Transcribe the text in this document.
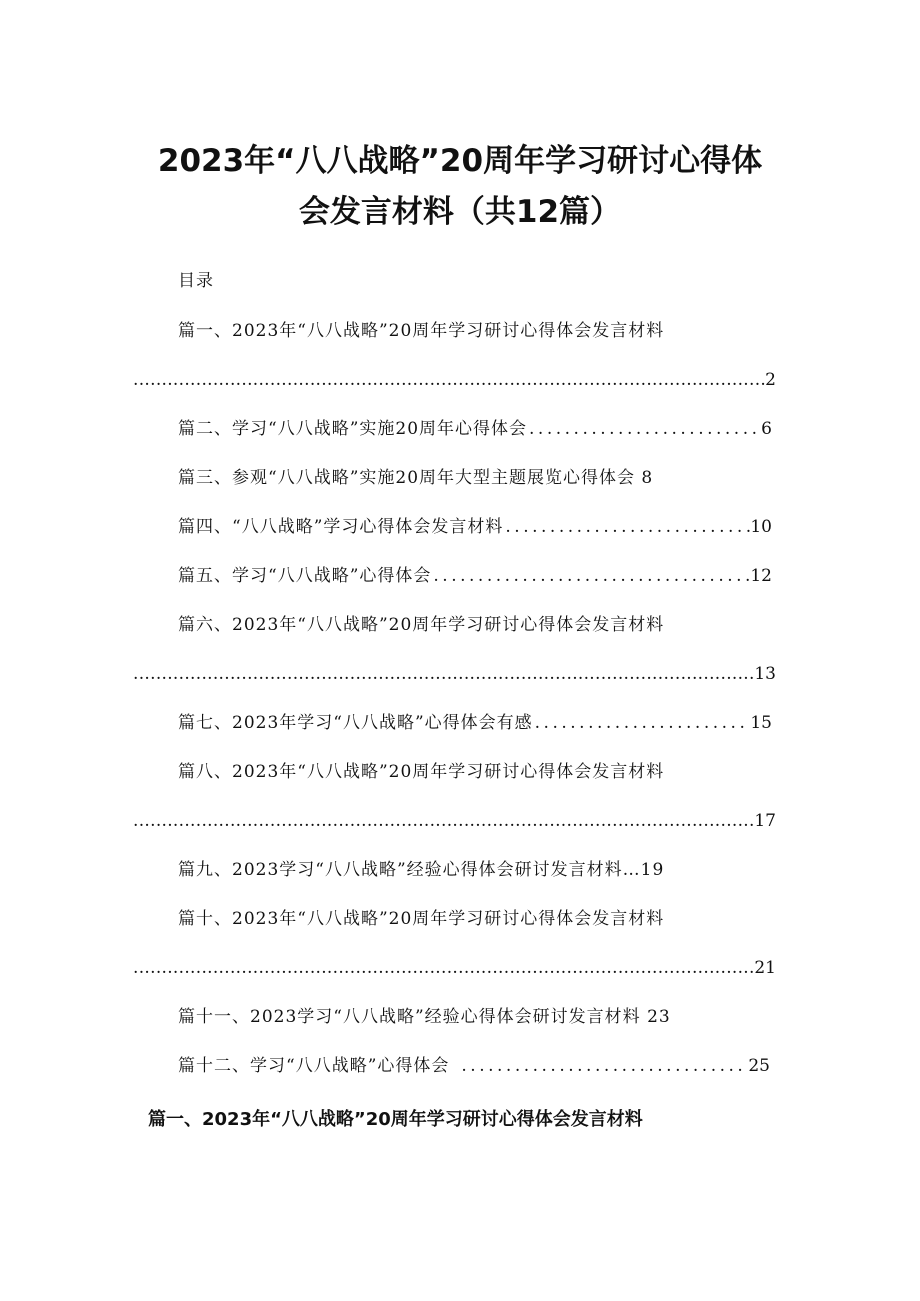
2023年“八八战略”20周年学习研讨心得体
会发言材料（共12篇）
目录
篇一、2023年“八八战略”20周年学习研讨心得体会发言材料
.....
2
篇二、学习“八八战略”实施20周年心得体会 .....	6
篇三、参观“八八战略”实施20周年大型主题展览心得体会 8
篇四、“八八战略”学习心得体会发言材料 .....	10
篇五、学习“八八战略”心得体会 .....	12
篇六、2023年“八八战略”20周年学习研讨心得体会发言材料
.....
13
篇七、2023年学习“八八战略”心得体会有感 .....	15
篇八、2023年“八八战略”20周年学习研讨心得体会发言材料
.....
17
篇九、2023学习“八八战略”经验心得体会研讨发言材料…19
篇十、2023年“八八战略”20周年学习研讨心得体会发言材料
.....
21
篇十一、2023学习“八八战略”经验心得体会研讨发言材料 23
篇十二、学习“八八战略”心得体会 .....	25
篇一、2023年“八八战略”20周年学习研讨心得体会发言材料
